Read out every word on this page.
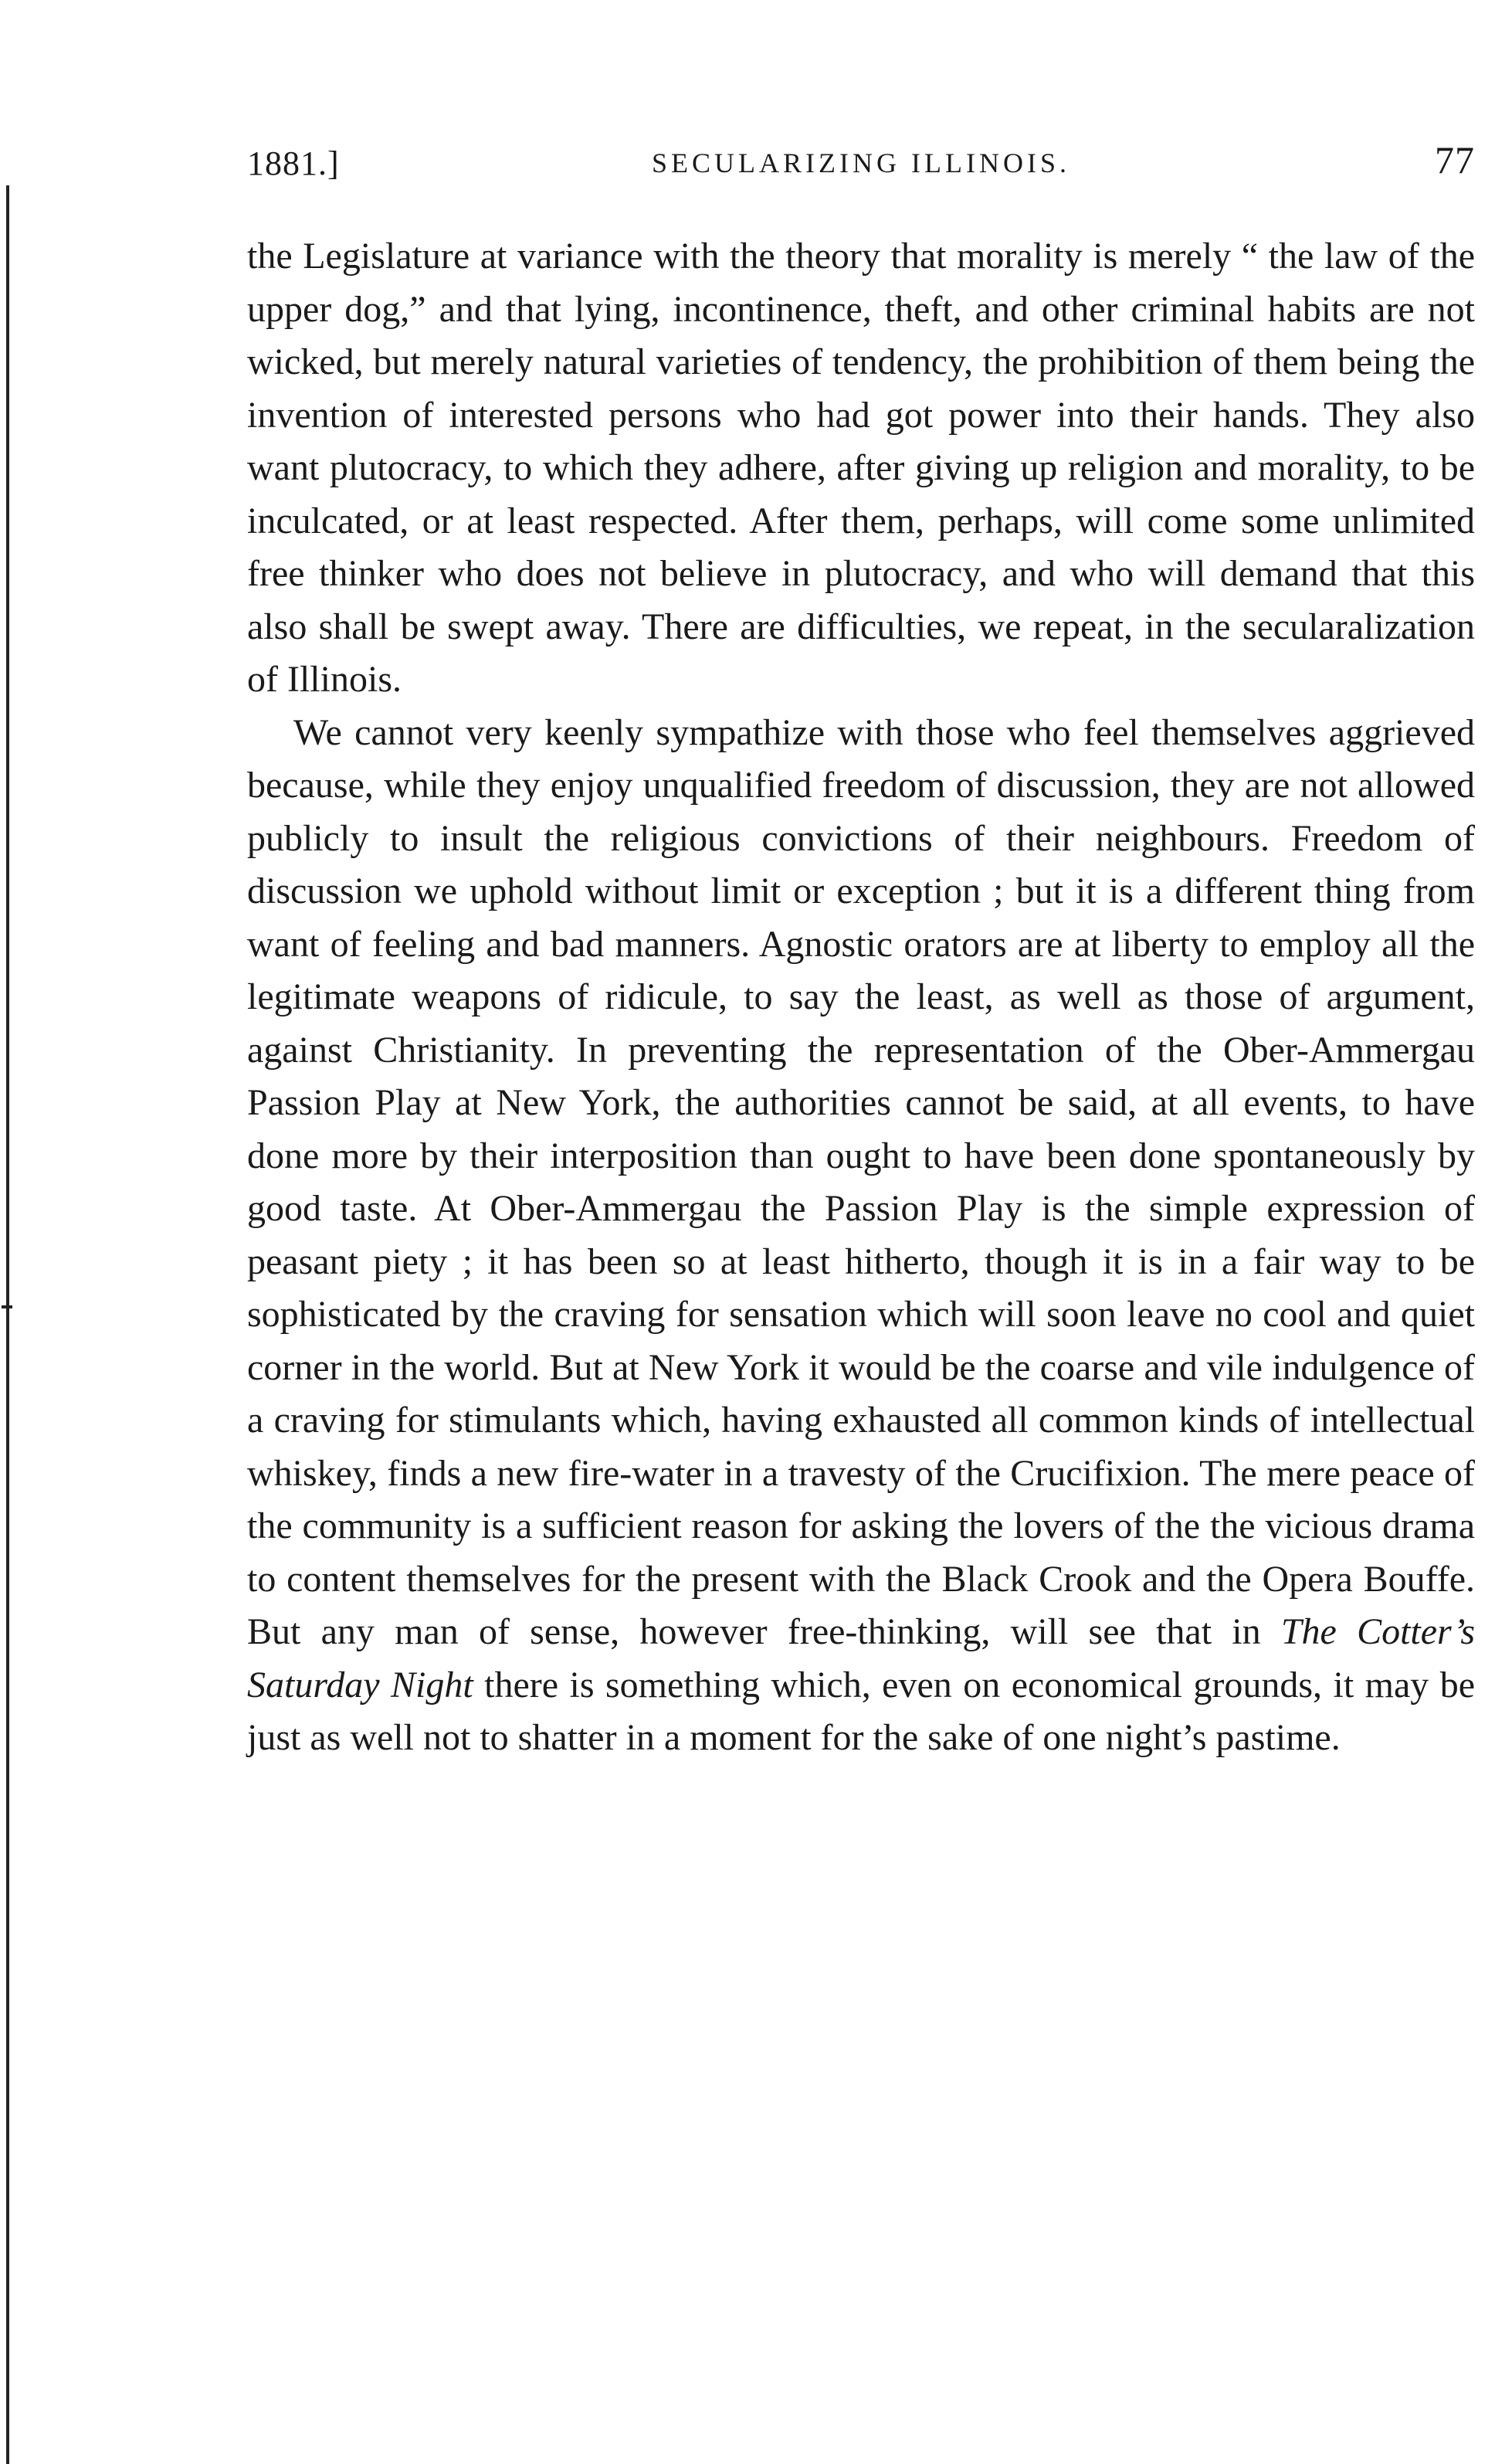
1881.]	SECULARIZING ILLINOIS.	77

the Legislature at variance with the theory that morality is merely “ the law of the upper dog,” and that lying, incontinence, theft, and other criminal habits are not wicked, but merely natural varieties of tendency, the prohibition of them being the invention of interested persons who had got power into their hands. They also want plutocracy, to which they adhere, after giving up religion and morality, to be inculcated, or at least respected. After them, perhaps, will come some unlimited free thinker who does not believe in plutocracy, and who will demand that this also shall be swept away. There are difficulties, we repeat, in the secularalization of Illinois.

We cannot very keenly sympathize with those who feel themselves aggrieved because, while they enjoy unqualified freedom of discussion, they are not allowed publicly to insult the religious convictions of their neighbours. Freedom of discussion we uphold without limit or exception ; but it is a different thing from want of feeling and bad manners. Agnostic orators are at liberty to employ all the legitimate weapons of ridicule, to say the least, as well as those of argument, against Christianity. In preventing the representation of the Ober-Ammergau Passion Play at New York, the authorities cannot be said, at all events, to have done more by their interposition than ought to have been done spontaneously by good taste. At Ober-Ammergau the Passion Play is the simple expression of peasant piety ; it has been so at least hitherto, though it is in a fair way to be sophisticated by the craving for sensation which will soon leave no cool and quiet corner in the world. But at New York it would be the coarse and vile indulgence of a craving for stimulants which, having exhausted all common kinds of intellectual whiskey, finds a new fire-water in a travesty of the Crucifixion. The mere peace of the community is a sufficient reason for asking the lovers of the the vicious drama to content themselves for the present with the Black Crook and the Opera Bouffe. But any man of sense, however free-thinking, will see that in The Cotter’s Saturday Night there is something which, even on economical grounds, it may be just as well not to shatter in a moment for the sake of one night’s pastime.
